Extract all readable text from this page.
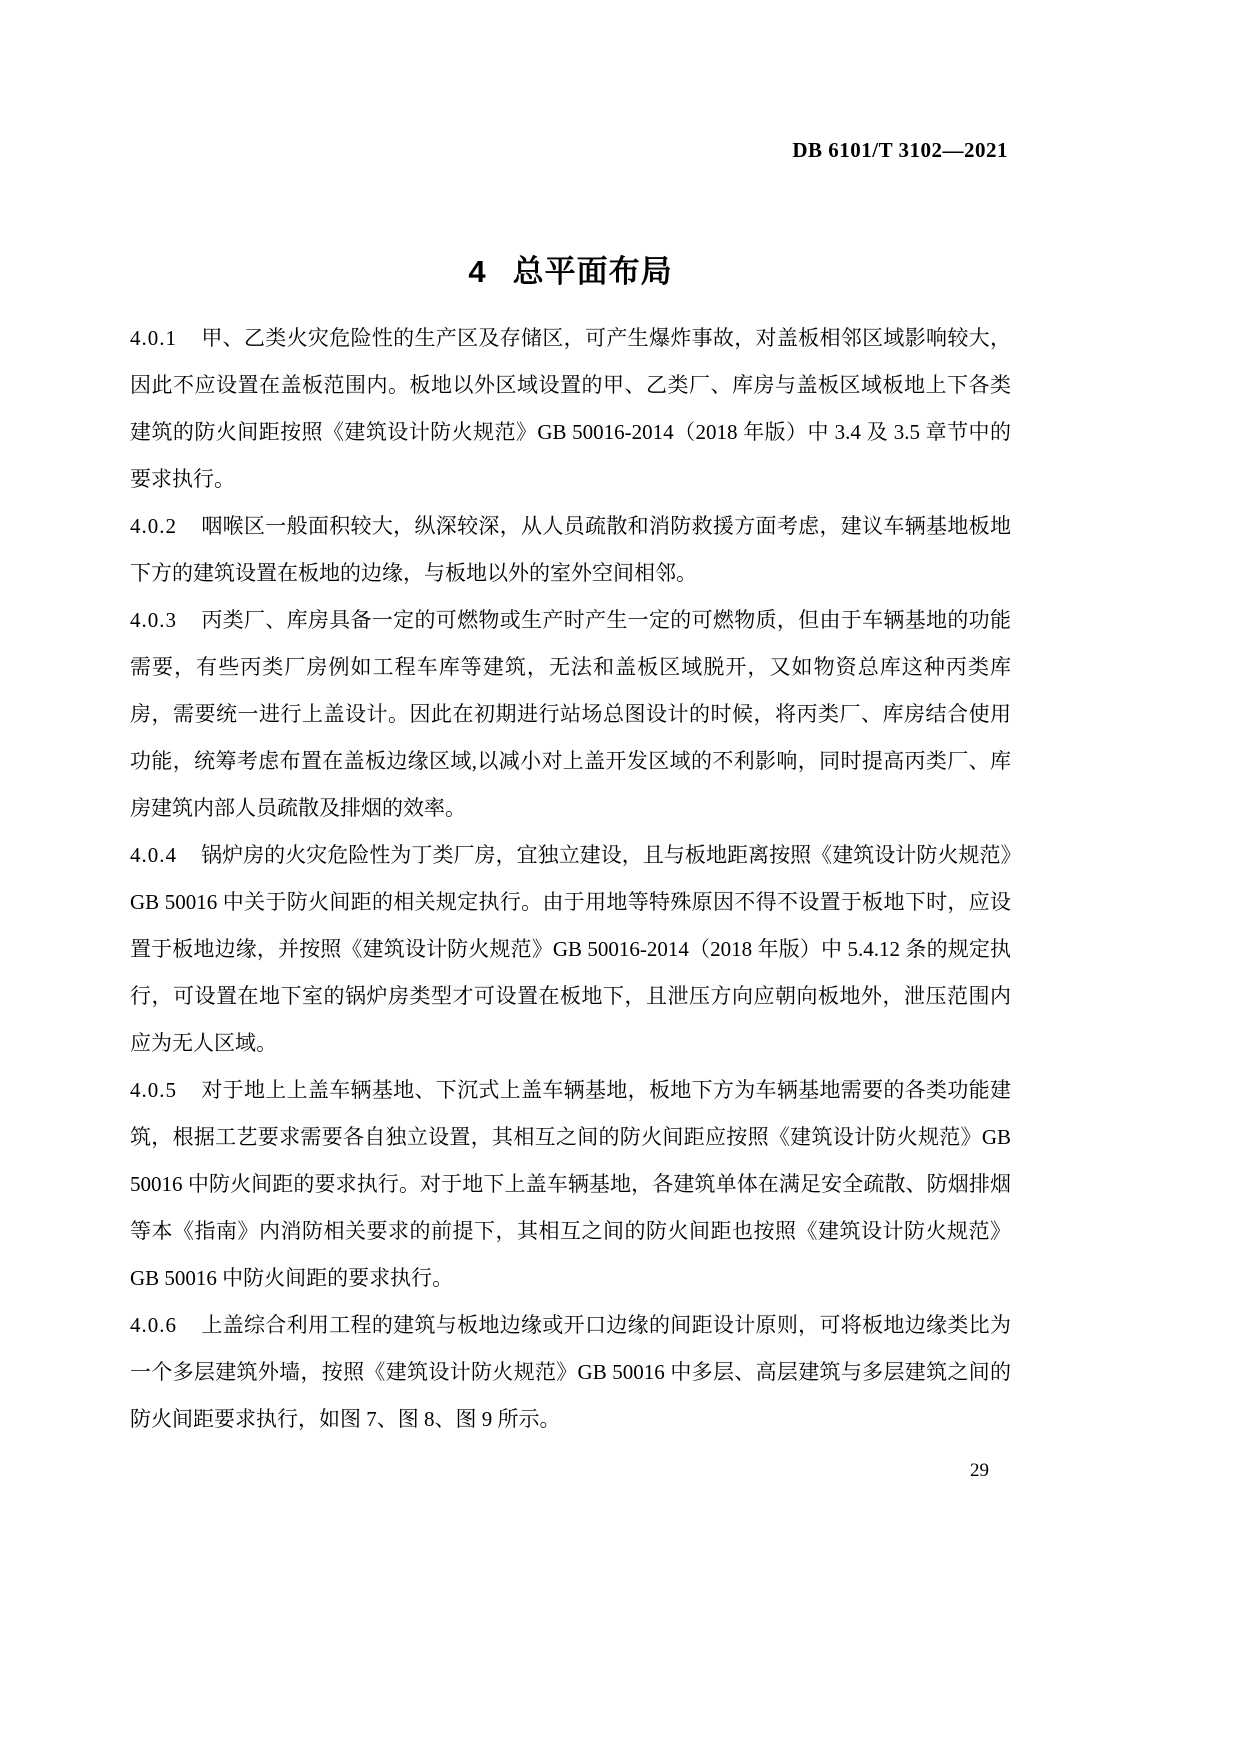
DB 6101/T 3102—2021
4 总平面布局

4.0.1 甲、乙类火灾危险性的生产区及存储区，可产生爆炸事故，对盖板相邻区域影响较大，因此不应设置在盖板范围内。板地以外区域设置的甲、乙类厂、库房与盖板区域板地上下各类建筑的防火间距按照《建筑设计防火规范》GB 50016-2014（2018 年版）中 3.4 及 3.5 章节中的要求执行。

4.0.2 咽喉区一般面积较大，纵深较深，从人员疏散和消防救援方面考虑，建议车辆基地板地下方的建筑设置在板地的边缘，与板地以外的室外空间相邻。

4.0.3 丙类厂、库房具备一定的可燃物或生产时产生一定的可燃物质，但由于车辆基地的功能需要，有些丙类厂房例如工程车库等建筑，无法和盖板区域脱开，又如物资总库这种丙类库房，需要统一进行上盖设计。因此在初期进行站场总图设计的时候，将丙类厂、库房结合使用功能，统筹考虑布置在盖板边缘区域,以减小对上盖开发区域的不利影响，同时提高丙类厂、库房建筑内部人员疏散及排烟的效率。

4.0.4 锅炉房的火灾危险性为丁类厂房，宜独立建设，且与板地距离按照《建筑设计防火规范》GB 50016 中关于防火间距的相关规定执行。由于用地等特殊原因不得不设置于板地下时，应设置于板地边缘，并按照《建筑设计防火规范》GB 50016-2014（2018 年版）中 5.4.12 条的规定执行，可设置在地下室的锅炉房类型才可设置在板地下，且泄压方向应朝向板地外，泄压范围内应为无人区域。

4.0.5 对于地上上盖车辆基地、下沉式上盖车辆基地，板地下方为车辆基地需要的各类功能建筑，根据工艺要求需要各自独立设置，其相互之间的防火间距应按照《建筑设计防火规范》GB 50016 中防火间距的要求执行。对于地下上盖车辆基地，各建筑单体在满足安全疏散、防烟排烟等本《指南》内消防相关要求的前提下，其相互之间的防火间距也按照《建筑设计防火规范》GB 50016 中防火间距的要求执行。

4.0.6 上盖综合利用工程的建筑与板地边缘或开口边缘的间距设计原则，可将板地边缘类比为一个多层建筑外墙，按照《建筑设计防火规范》GB 50016 中多层、高层建筑与多层建筑之间的防火间距要求执行，如图 7、图 8、图 9 所示。

29
